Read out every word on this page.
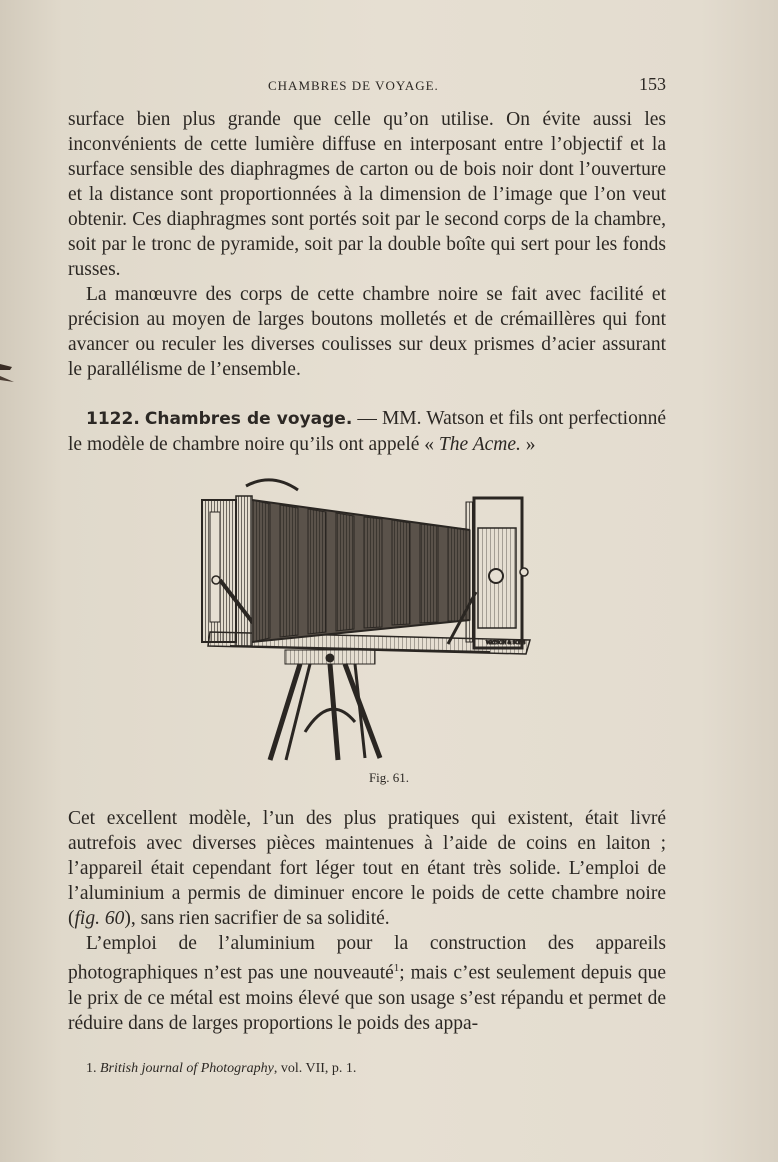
CHAMBRES DE VOYAGE.	153

surface bien plus grande que celle qu’on utilise. On évite aussi les inconvénients de cette lumière diffuse en interposant entre l’objectif et la surface sensible des diaphragmes de carton ou de bois noir dont l’ouverture et la distance sont proportionnées à la dimension de l’image que l’on veut obtenir. Ces diaphragmes sont portés soit par le second corps de la chambre, soit par le tronc de pyramide, soit par la double boîte qui sert pour les fonds russes.

La manœuvre des corps de cette chambre noire se fait avec facilité et précision au moyen de larges boutons molletés et de crémaillères qui font avancer ou reculer les diverses coulisses sur deux prismes d’acier assurant le parallélisme de l’ensemble.

1122. Chambres de voyage. — MM. Watson et fils ont perfectionné le modèle de chambre noire qu’ils ont appelé « The Acme. »

WATSON & SONS
Fig. 61.

Cet excellent modèle, l’un des plus pratiques qui existent, était livré autrefois avec diverses pièces maintenues à l’aide de coins en laiton ; l’appareil était cependant fort léger tout en étant très solide. L’emploi de l’aluminium a permis de diminuer encore le poids de cette chambre noire (fig. 60), sans rien sacrifier de sa solidité.

L’emploi de l’aluminium pour la construction des appareils photographiques n’est pas une nouveauté$^1$; mais c’est seulement depuis que le prix de ce métal est moins élevé que son usage s’est répandu et permet de réduire dans de larges proportions le poids des appa-

1. British journal of Photography, vol. VII, p. 1.
